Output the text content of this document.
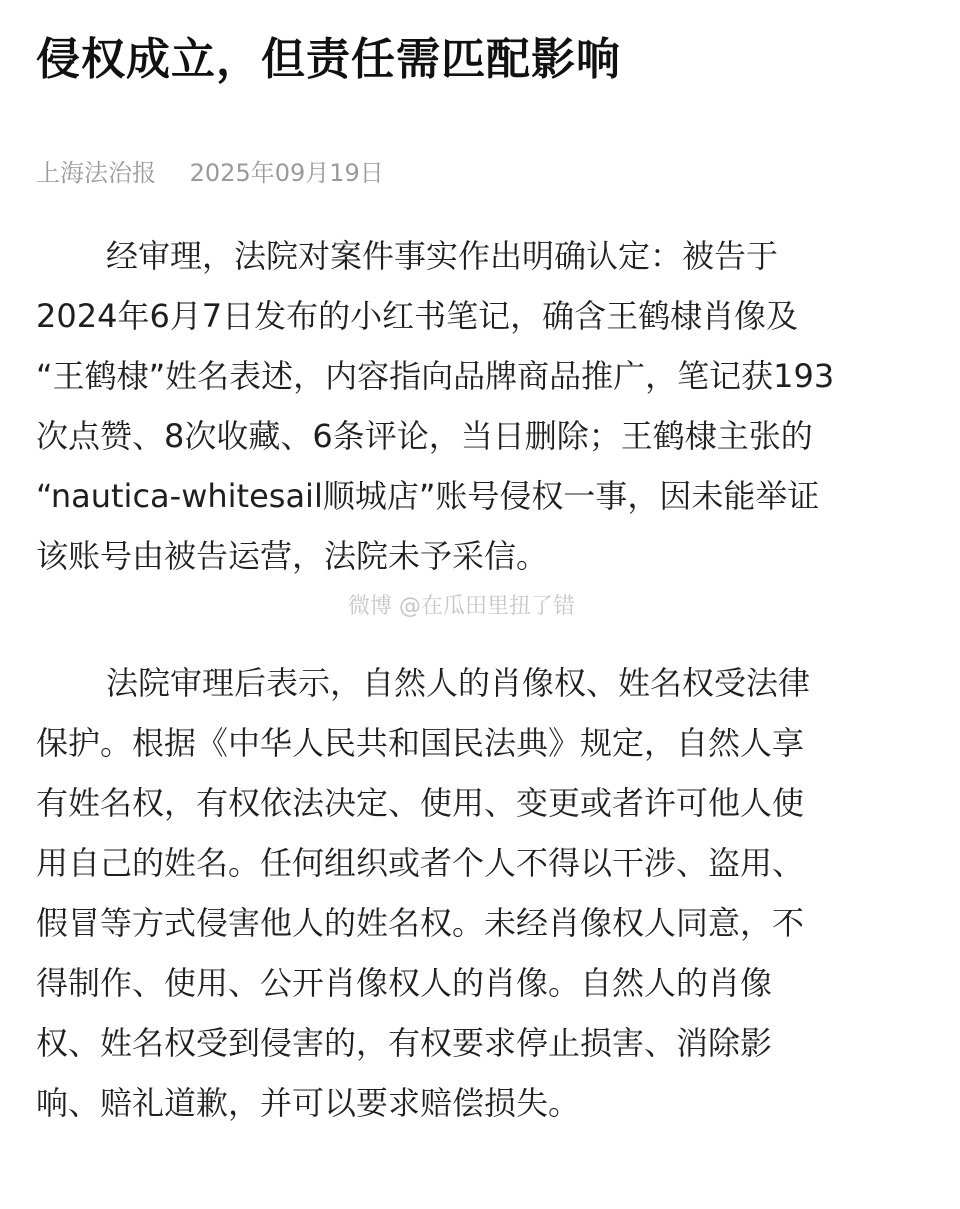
侵权成立，但责任需匹配影响
上海法治报 2025年09月19日
经审理，法院对案件事实作出明确认定：被告于
2024年6月7日发布的小红书笔记，确含王鹤棣肖像及
“王鹤棣”姓名表述，内容指向品牌商品推广，笔记获193
次点赞、8次收藏、6条评论，当日删除；王鹤棣主张的
“nautica-whitesail顺城店”账号侵权一事，因未能举证
该账号由被告运营，法院未予采信。
微博 @在瓜田里扭了错
法院审理后表示，自然人的肖像权、姓名权受法律
保护。根据《中华人民共和国民法典》规定，自然人享
有姓名权，有权依法决定、使用、变更或者许可他人使
用自己的姓名。任何组织或者个人不得以干涉、盗用、
假冒等方式侵害他人的姓名权。未经肖像权人同意，不
得制作、使用、公开肖像权人的肖像。自然人的肖像
权、姓名权受到侵害的，有权要求停止损害、消除影
响、赔礼道歉，并可以要求赔偿损失。
